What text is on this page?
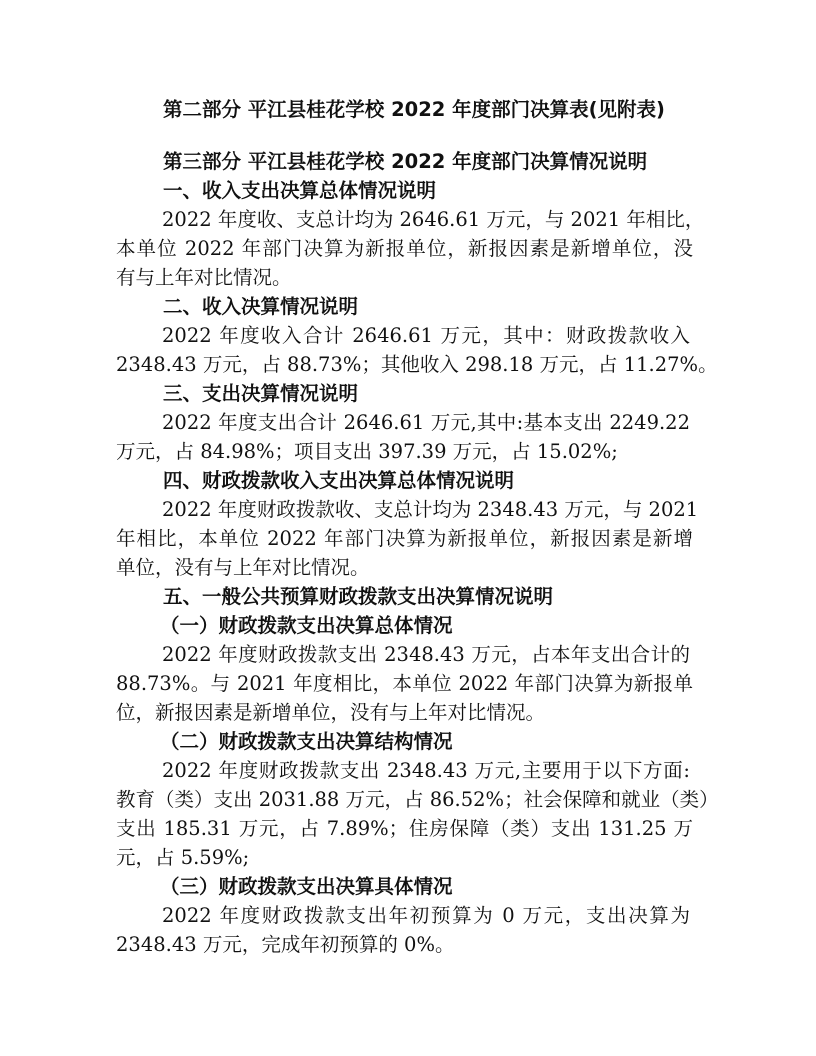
第二部分 平江县桂花学校 2022 年度部门决算表(见附表)
第三部分 平江县桂花学校 2022 年度部门决算情况说明
一、收入支出决算总体情况说明
2022 年度收、支总计均为 2646.61 万元，与 2021 年相比，
本单位 2022 年部门决算为新报单位，新报因素是新增单位，没
有与上年对比情况。
二、收入决算情况说明
2022 年度收入合计 2646.61 万元，其中：财政拨款收入
2348.43 万元，占 88.73%；其他收入 298.18 万元，占 11.27%。
三、支出决算情况说明
2022 年度支出合计 2646.61 万元,其中:基本支出 2249.22
万元，占 84.98%；项目支出 397.39 万元，占 15.02%;
四、财政拨款收入支出决算总体情况说明
2022 年度财政拨款收、支总计均为 2348.43 万元，与 2021
年相比，本单位 2022 年部门决算为新报单位，新报因素是新增
单位，没有与上年对比情况。
五、一般公共预算财政拨款支出决算情况说明
（一）财政拨款支出决算总体情况
2022 年度财政拨款支出 2348.43 万元，占本年支出合计的
88.73%。与 2021 年度相比，本单位 2022 年部门决算为新报单
位，新报因素是新增单位，没有与上年对比情况。
（二）财政拨款支出决算结构情况
2022 年度财政拨款支出 2348.43 万元,主要用于以下方面:
教育（类）支出 2031.88 万元，占 86.52%；社会保障和就业（类）
支出 185.31 万元，占 7.89%；住房保障（类）支出 131.25 万
元，占 5.59%;
（三）财政拨款支出决算具体情况
2022 年度财政拨款支出年初预算为 0 万元，支出决算为
2348.43 万元，完成年初预算的 0%。
